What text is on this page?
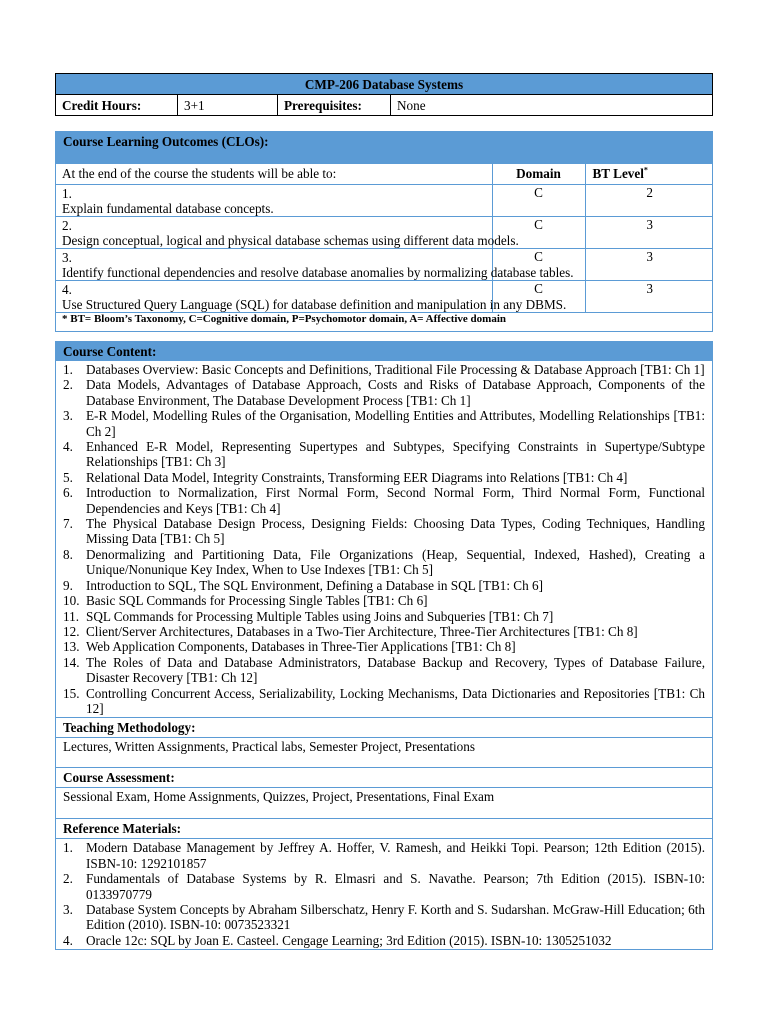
CMP-206 Database Systems
Credit Hours:	3+1	Prerequisites:	None
Course Learning Outcomes (CLOs):
At the end of the course the students will be able to:	Domain	BT Level*
1.Explain fundamental database concepts.	C	2
2.Design conceptual, logical and physical database schemas using different data models.	C	3
3.Identify functional dependencies and resolve database anomalies by normalizing database tables.	C	3
4.Use Structured Query Language (SQL) for database definition and manipulation in any DBMS.	C	3
* BT= Bloom’s Taxonomy, C=Cognitive domain, P=Psychomotor domain, A= Affective domain		
Course Content:
1. Databases Overview: Basic Concepts and Definitions, Traditional File Processing & Database Approach [TB1: Ch 1]
2. Data Models, Advantages of Database Approach, Costs and Risks of Database Approach, Components of the Database Environment, The Database Development Process [TB1: Ch 1]
3. E-R Model, Modelling Rules of the Organisation, Modelling Entities and Attributes, Modelling Relationships [TB1: Ch 2]
4. Enhanced E-R Model, Representing Supertypes and Subtypes, Specifying Constraints in Supertype/Subtype Relationships [TB1: Ch 3]
5. Relational Data Model, Integrity Constraints, Transforming EER Diagrams into Relations [TB1: Ch 4]
6. Introduction to Normalization, First Normal Form, Second Normal Form, Third Normal Form, Functional Dependencies and Keys [TB1: Ch 4]
7. The Physical Database Design Process, Designing Fields: Choosing Data Types, Coding Techniques, Handling Missing Data [TB1: Ch 5]
8. Denormalizing and Partitioning Data, File Organizations (Heap, Sequential, Indexed, Hashed), Creating a Unique/Nonunique Key Index, When to Use Indexes [TB1: Ch 5]
9. Introduction to SQL, The SQL Environment, Defining a Database in SQL [TB1: Ch 6]
10. Basic SQL Commands for Processing Single Tables [TB1: Ch 6]
11. SQL Commands for Processing Multiple Tables using Joins and Subqueries [TB1: Ch 7]
12. Client/Server Architectures, Databases in a Two-Tier Architecture, Three-Tier Architectures [TB1: Ch 8]
13. Web Application Components, Databases in Three-Tier Applications [TB1: Ch 8]
14. The Roles of Data and Database Administrators, Database Backup and Recovery, Types of Database Failure, Disaster Recovery [TB1: Ch 12]
15. Controlling Concurrent Access, Serializability, Locking Mechanisms, Data Dictionaries and Repositories [TB1: Ch 12]
Teaching Methodology:
Lectures, Written Assignments, Practical labs, Semester Project, Presentations
Course Assessment:
Sessional Exam, Home Assignments, Quizzes, Project, Presentations, Final Exam
Reference Materials:
1. Modern Database Management by Jeffrey A. Hoffer, V. Ramesh, and Heikki Topi. Pearson; 12th Edition (2015). ISBN-10: 1292101857
2. Fundamentals of Database Systems by R. Elmasri and S. Navathe. Pearson; 7th Edition (2015). ISBN-10: 0133970779
3. Database System Concepts by Abraham Silberschatz, Henry F. Korth and S. Sudarshan. McGraw-Hill Education; 6th Edition (2010). ISBN-10: 0073523321
4. Oracle 12c: SQL by Joan E. Casteel. Cengage Learning; 3rd Edition (2015). ISBN-10: 1305251032
